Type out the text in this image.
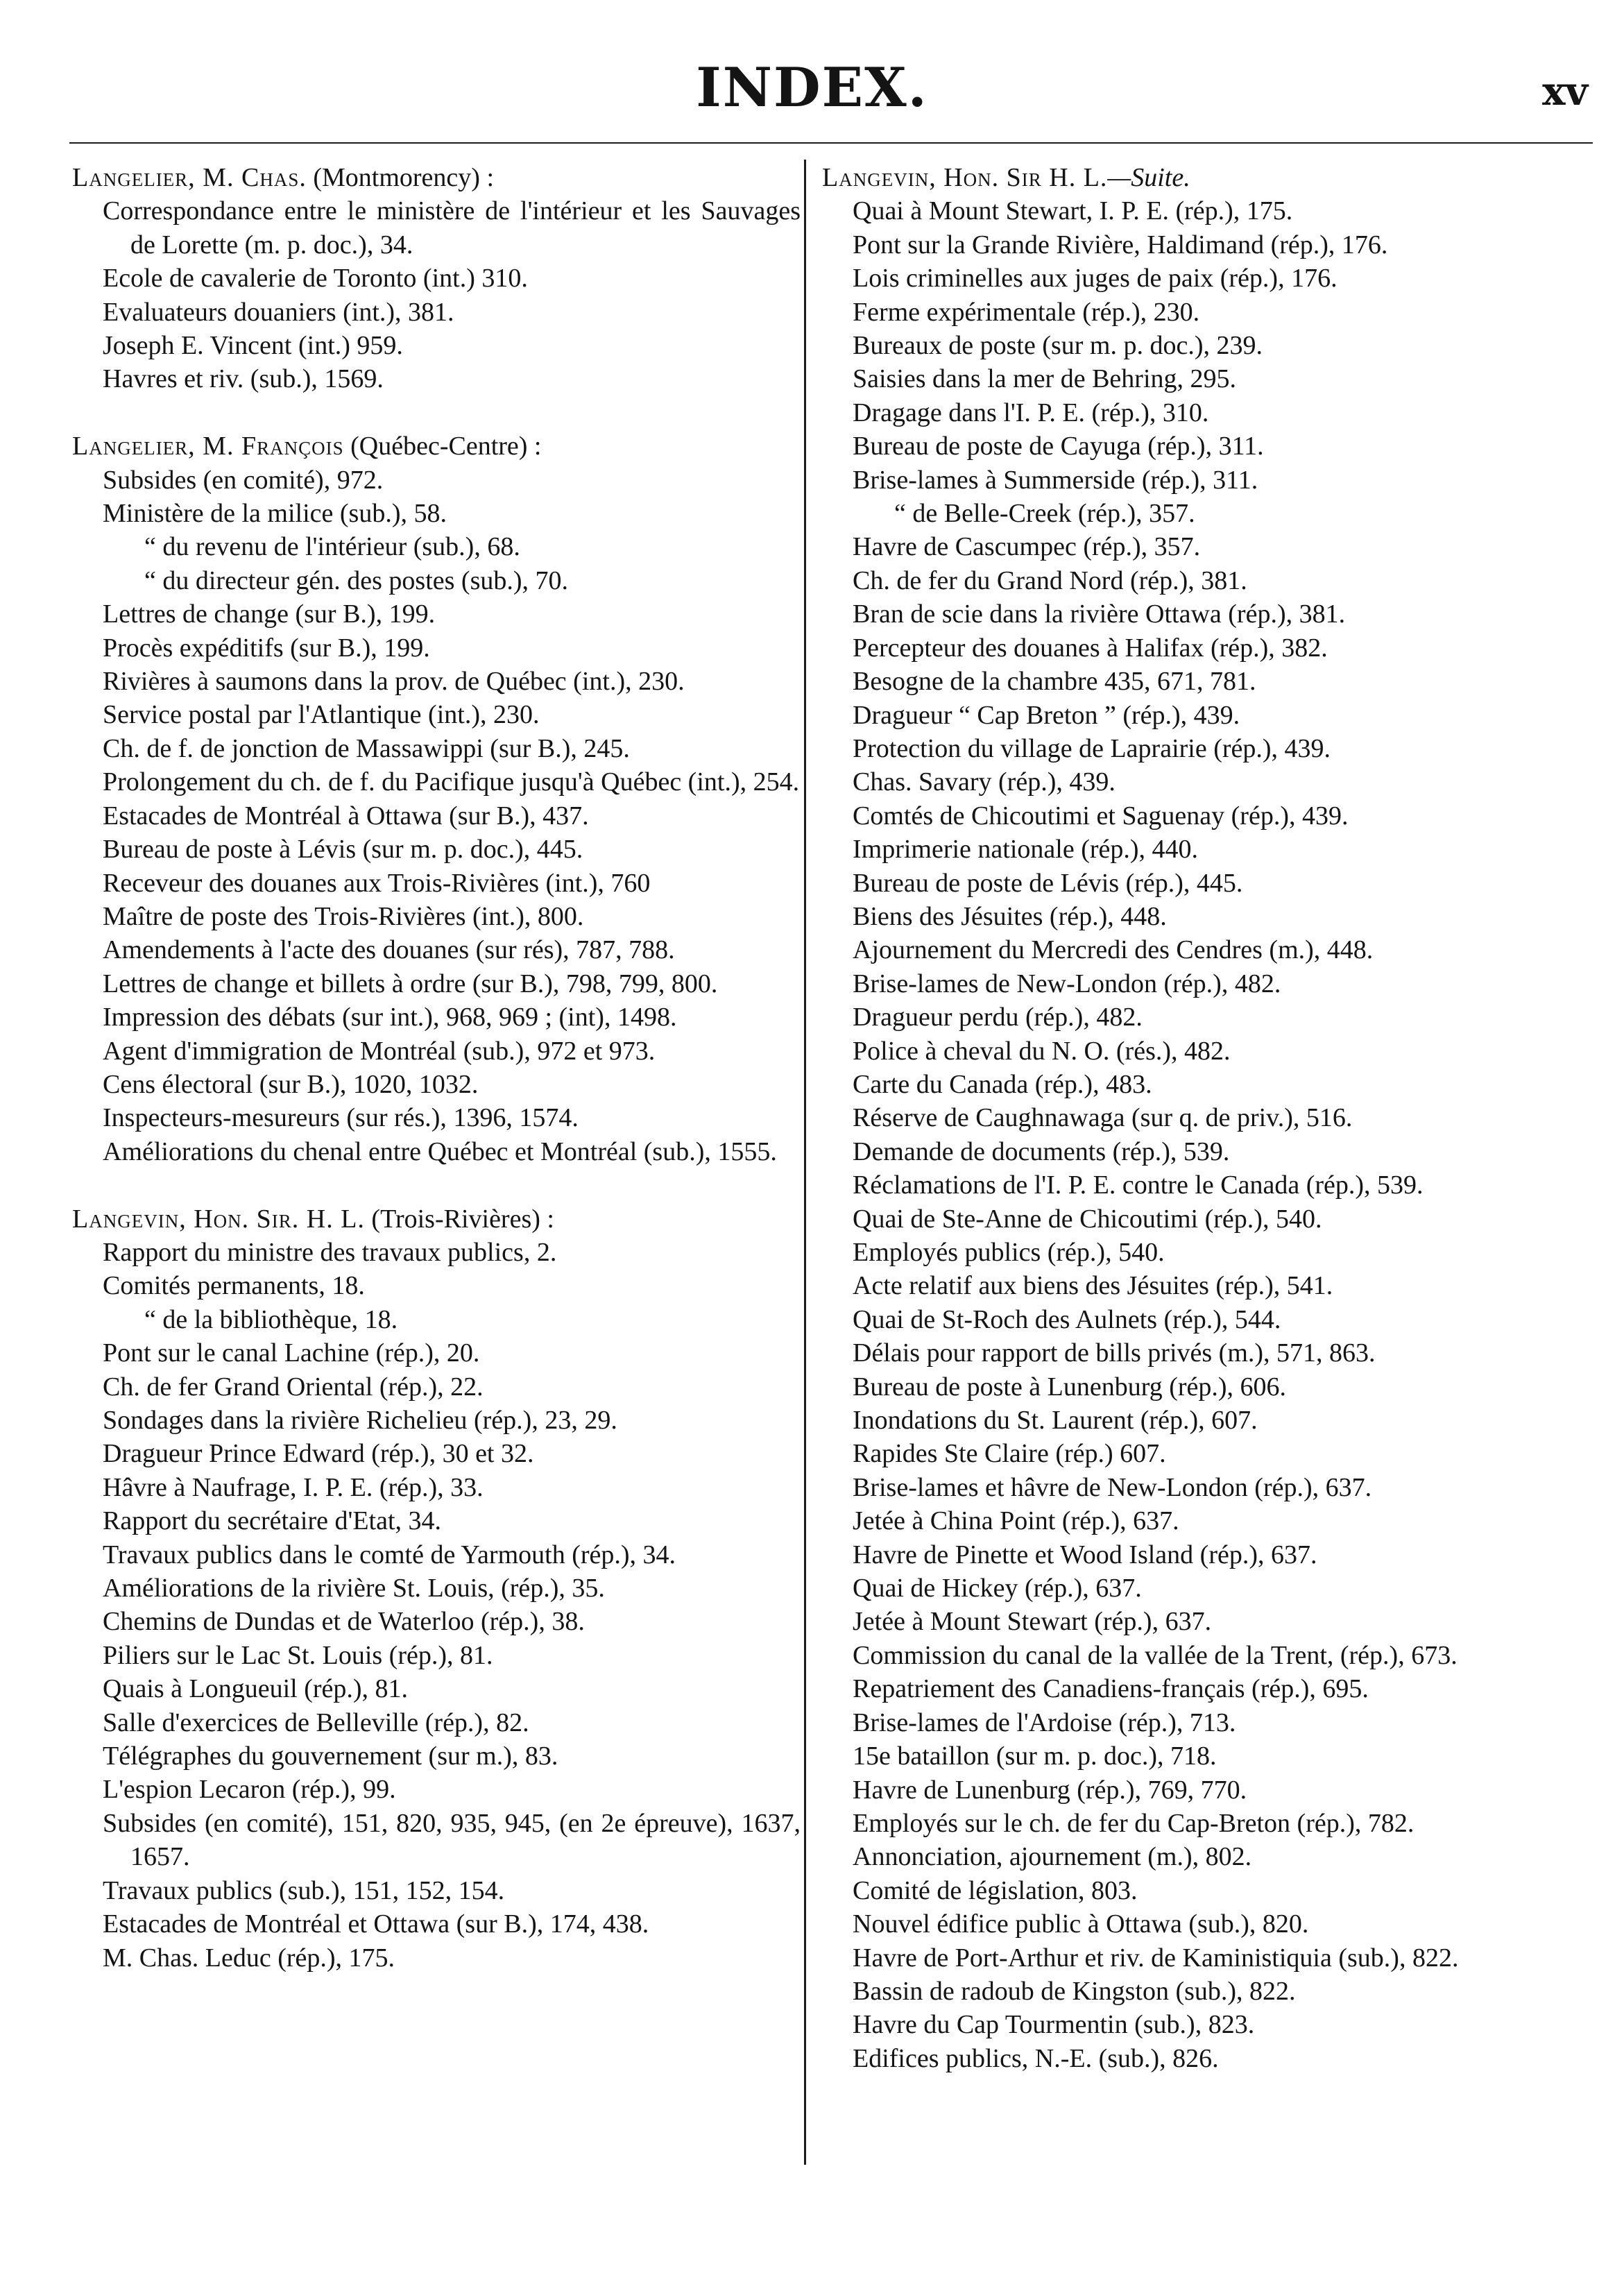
INDEX.	xv

Langelier, M. Chas. (Montmorency) :

Correspondance entre le ministère de l'intérieur et les Sauvages de Lorette (m. p. doc.), 34.
Ecole de cavalerie de Toronto (int.) 310.
Evaluateurs douaniers (int.), 381.
Joseph E. Vincent (int.) 959.
Havres et riv. (sub.), 1569.

Langelier, M. François (Québec-Centre) :

Subsides (en comité), 972.
Ministère de la milice (sub.), 58.
“ du revenu de l'intérieur (sub.), 68.
“ du directeur gén. des postes (sub.), 70.
Lettres de change (sur B.), 199.
Procès expéditifs (sur B.), 199.
Rivières à saumons dans la prov. de Québec (int.), 230.
Service postal par l'Atlantique (int.), 230.
Ch. de f. de jonction de Massawippi (sur B.), 245.
Prolongement du ch. de f. du Pacifique jusqu'à Québec (int.), 254.
Estacades de Montréal à Ottawa (sur B.), 437.
Bureau de poste à Lévis (sur m. p. doc.), 445.
Receveur des douanes aux Trois-Rivières (int.), 760
Maître de poste des Trois-Rivières (int.), 800.
Amendements à l'acte des douanes (sur rés), 787, 788.
Lettres de change et billets à ordre (sur B.), 798, 799, 800.
Impression des débats (sur int.), 968, 969 ; (int), 1498.
Agent d'immigration de Montréal (sub.), 972 et 973.
Cens électoral (sur B.), 1020, 1032.
Inspecteurs-mesureurs (sur rés.), 1396, 1574.
Améliorations du chenal entre Québec et Montréal (sub.), 1555.

Langevin, Hon. Sir. H. L. (Trois-Rivières) :

Rapport du ministre des travaux publics, 2.
Comités permanents, 18.
“ de la bibliothèque, 18.
Pont sur le canal Lachine (rép.), 20.
Ch. de fer Grand Oriental (rép.), 22.
Sondages dans la rivière Richelieu (rép.), 23, 29.
Dragueur Prince Edward (rép.), 30 et 32.
Hâvre à Naufrage, I. P. E. (rép.), 33.
Rapport du secrétaire d'Etat, 34.
Travaux publics dans le comté de Yarmouth (rép.), 34.
Améliorations de la rivière St. Louis, (rép.), 35.
Chemins de Dundas et de Waterloo (rép.), 38.
Piliers sur le Lac St. Louis (rép.), 81.
Quais à Longueuil (rép.), 81.
Salle d'exercices de Belleville (rép.), 82.
Télégraphes du gouvernement (sur m.), 83.
L'espion Lecaron (rép.), 99.
Subsides (en comité), 151, 820, 935, 945, (en 2e épreuve), 1637, 1657.
Travaux publics (sub.), 151, 152, 154.
Estacades de Montréal et Ottawa (sur B.), 174, 438.
M. Chas. Leduc (rép.), 175.

Langevin, Hon. Sir H. L.—Suite.

Quai à Mount Stewart, I. P. E. (rép.), 175.
Pont sur la Grande Rivière, Haldimand (rép.), 176.
Lois criminelles aux juges de paix (rép.), 176.
Ferme expérimentale (rép.), 230.
Bureaux de poste (sur m. p. doc.), 239.
Saisies dans la mer de Behring, 295.
Dragage dans l'I. P. E. (rép.), 310.
Bureau de poste de Cayuga (rép.), 311.
Brise-lames à Summerside (rép.), 311.
“ de Belle-Creek (rép.), 357.
Havre de Cascumpec (rép.), 357.
Ch. de fer du Grand Nord (rép.), 381.
Bran de scie dans la rivière Ottawa (rép.), 381.
Percepteur des douanes à Halifax (rép.), 382.
Besogne de la chambre 435, 671, 781.
Dragueur “ Cap Breton ” (rép.), 439.
Protection du village de Laprairie (rép.), 439.
Chas. Savary (rép.), 439.
Comtés de Chicoutimi et Saguenay (rép.), 439.
Imprimerie nationale (rép.), 440.
Bureau de poste de Lévis (rép.), 445.
Biens des Jésuites (rép.), 448.
Ajournement du Mercredi des Cendres (m.), 448.
Brise-lames de New-London (rép.), 482.
Dragueur perdu (rép.), 482.
Police à cheval du N. O. (rés.), 482.
Carte du Canada (rép.), 483.
Réserve de Caughnawaga (sur q. de priv.), 516.
Demande de documents (rép.), 539.
Réclamations de l'I. P. E. contre le Canada (rép.), 539.
Quai de Ste-Anne de Chicoutimi (rép.), 540.
Employés publics (rép.), 540.
Acte relatif aux biens des Jésuites (rép.), 541.
Quai de St-Roch des Aulnets (rép.), 544.
Délais pour rapport de bills privés (m.), 571, 863.
Bureau de poste à Lunenburg (rép.), 606.
Inondations du St. Laurent (rép.), 607.
Rapides Ste Claire (rép.) 607.
Brise-lames et hâvre de New-London (rép.), 637.
Jetée à China Point (rép.), 637.
Havre de Pinette et Wood Island (rép.), 637.
Quai de Hickey (rép.), 637.
Jetée à Mount Stewart (rép.), 637.
Commission du canal de la vallée de la Trent, (rép.), 673.
Repatriement des Canadiens-français (rép.), 695.
Brise-lames de l'Ardoise (rép.), 713.
15e bataillon (sur m. p. doc.), 718.
Havre de Lunenburg (rép.), 769, 770.
Employés sur le ch. de fer du Cap-Breton (rép.), 782.
Annonciation, ajournement (m.), 802.
Comité de législation, 803.
Nouvel édifice public à Ottawa (sub.), 820.
Havre de Port-Arthur et riv. de Kaministiquia (sub.), 822.
Bassin de radoub de Kingston (sub.), 822.
Havre du Cap Tourmentin (sub.), 823.
Edifices publics, N.-E. (sub.), 826.
